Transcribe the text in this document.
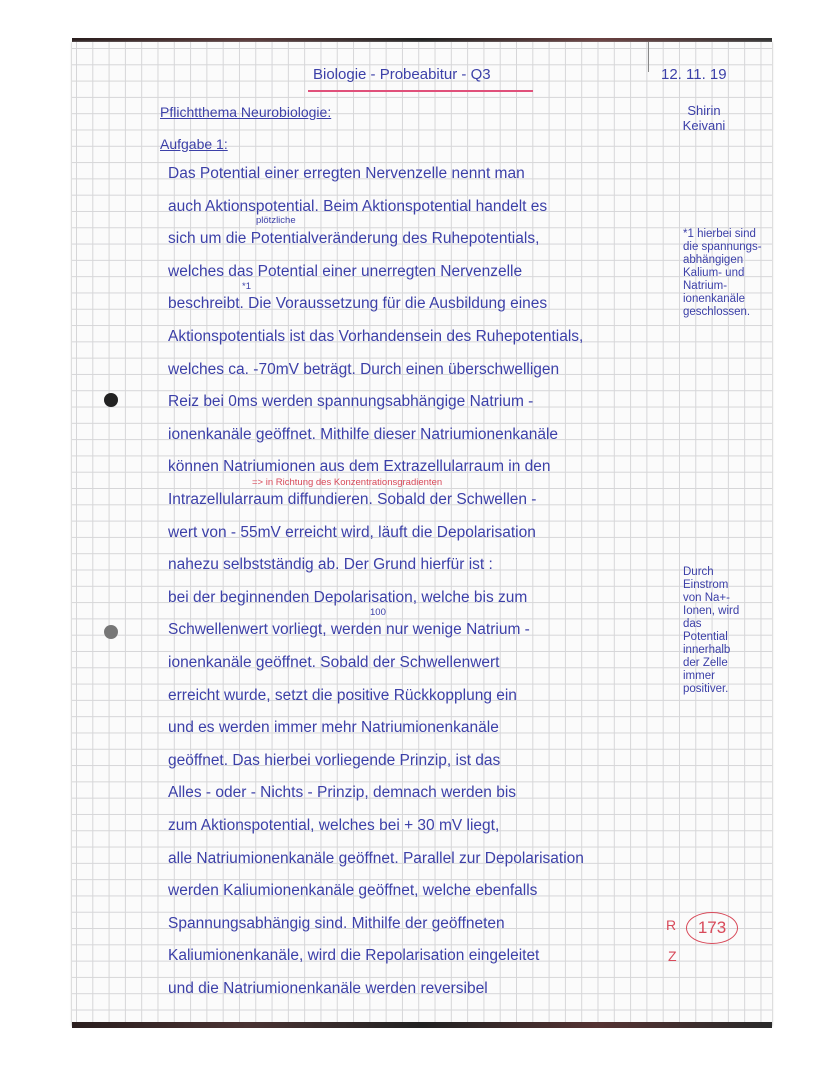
Biologie - Probeabitur - Q3	12. 11. 19
Shirin Keivani
Pflichtthema Neurobiologie:
Aufgabe 1:
Das Potential einer erregten Nervenzelle nennt man
auch Aktionspotential. Beim Aktionspotential handelt es
sich um die Potentialveränderung des Ruhepotentials,
welches das Potential einer unerregten Nervenzelle
beschreibt. Die Voraussetzung für die Ausbildung eines
Aktionspotentials ist das Vorhandensein des Ruhepotentials,
welches ca. -70mV beträgt. Durch einen überschwelligen
Reiz bei 0ms werden spannungsabhängige Natrium -
ionenkanäle geöffnet. Mithilfe dieser Natriumionenkanäle
können Natriumionen aus dem Extrazellularraum in den
Intrazellularraum diffundieren. Sobald der Schwellen -
wert von - 55mV erreicht wird, läuft die Depolarisation
nahezu selbstständig ab. Der Grund hierfür ist :
bei der beginnenden Depolarisation, welche bis zum
Schwellenwert vorliegt, werden nur wenige Natrium -
ionenkanäle geöffnet. Sobald der Schwellenwert
erreicht wurde, setzt die positive Rückkopplung ein
und es werden immer mehr Natriumionenkanäle
geöffnet. Das hierbei vorliegende Prinzip, ist das
Alles - oder - Nichts - Prinzip, demnach werden bis
zum Aktionspotential, welches bei + 30 mV liegt,
alle Natriumionenkanäle geöffnet. Parallel zur Depolarisation
werden Kaliumionenkanäle geöffnet, welche ebenfalls
Spannungsabhängig sind. Mithilfe der geöffneten
Kaliumionenkanäle, wird die Repolarisation eingeleitet
und die Natriumionenkanäle werden reversibel
plötzliche
*1
=> in Richtung des Konzentrationsgradienten
100
*1 hierbei sind die spannungs- abhängigen Kalium- und Natrium- ionenkanäle geschlossen.
Durch Einstrom von Na+-Ionen, wird das Potential innerhalb der Zelle immer positiver.
R	173
Z
